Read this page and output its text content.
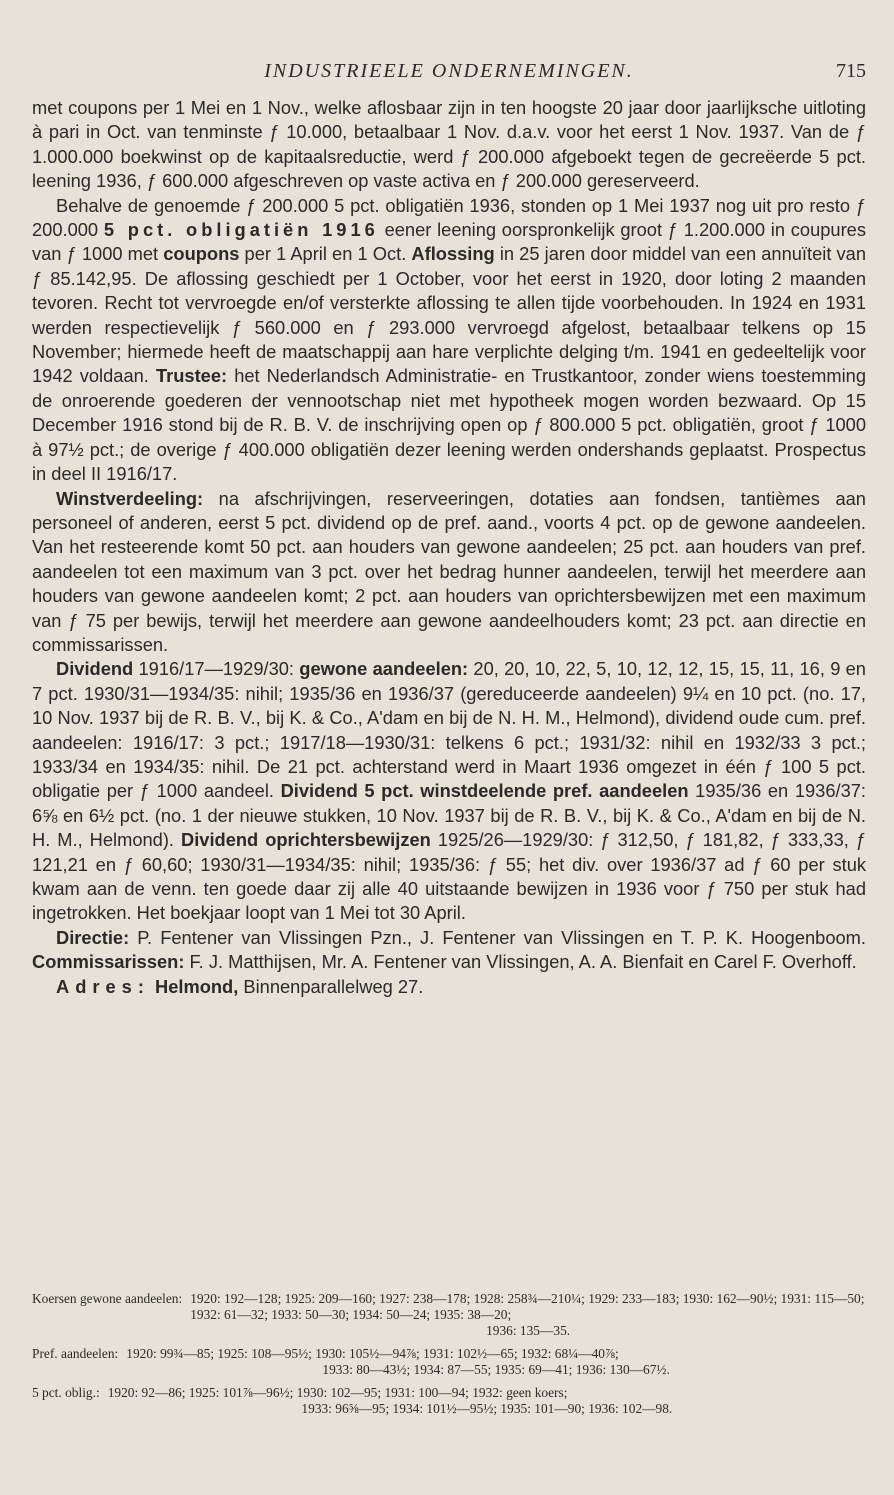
INDUSTRIEELE ONDERNEMINGEN.	715

met coupons per 1 Mei en 1 Nov., welke aflosbaar zijn in ten hoogste 20 jaar door jaarlijksche uitloting à pari in Oct. van tenminste ƒ 10.000, betaalbaar 1 Nov. d.a.v. voor het eerst 1 Nov. 1937. Van de ƒ 1.000.000 boekwinst op de kapitaalsreductie, werd ƒ 200.000 afgeboekt tegen de gecreëerde 5 pct. leening 1936, ƒ 600.000 afgeschreven op vaste activa en ƒ 200.000 gereserveerd.

Behalve de genoemde ƒ 200.000 5 pct. obligatiën 1936, stonden op 1 Mei 1937 nog uit pro resto ƒ 200.000 5 pct. obligatiën 1916 eener leening oorspronkelijk groot ƒ 1.200.000 in coupures van ƒ 1000 met coupons per 1 April en 1 Oct. Aflossing in 25 jaren door middel van een annuïteit van ƒ 85.142,95. De aflossing geschiedt per 1 October, voor het eerst in 1920, door loting 2 maanden tevoren. Recht tot vervroegde en/of versterkte aflossing te allen tijde voorbehouden. In 1924 en 1931 werden respectievelijk ƒ 560.000 en ƒ 293.000 vervroegd afgelost, betaalbaar telkens op 15 November; hiermede heeft de maatschappij aan hare verplichte delging t/m. 1941 en gedeeltelijk voor 1942 voldaan. Trustee: het Nederlandsch Administratie- en Trustkantoor, zonder wiens toestemming de onroerende goederen der vennootschap niet met hypotheek mogen worden bezwaard. Op 15 December 1916 stond bij de R. B. V. de inschrijving open op ƒ 800.000 5 pct. obligatiën, groot ƒ 1000 à 97½ pct.; de overige ƒ 400.000 obligatiën dezer leening werden ondershands geplaatst. Prospectus in deel II 1916/17.

Winstverdeeling: na afschrijvingen, reserveeringen, dotaties aan fondsen, tantièmes aan personeel of anderen, eerst 5 pct. dividend op de pref. aand., voorts 4 pct. op de gewone aandeelen. Van het resteerende komt 50 pct. aan houders van gewone aandeelen; 25 pct. aan houders van pref. aandeelen tot een maximum van 3 pct. over het bedrag hunner aandeelen, terwijl het meerdere aan houders van gewone aandeelen komt; 2 pct. aan houders van oprichtersbewijzen met een maximum van ƒ 75 per bewijs, terwijl het meerdere aan gewone aandeelhouders komt; 23 pct. aan directie en commissarissen.

Dividend 1916/17—1929/30: gewone aandeelen: 20, 20, 10, 22, 5, 10, 12, 12, 15, 15, 11, 16, 9 en 7 pct. 1930/31—1934/35: nihil; 1935/36 en 1936/37 (gereduceerde aandeelen) 9¼ en 10 pct. (no. 17, 10 Nov. 1937 bij de R. B. V., bij K. & Co., A'dam en bij de N. H. M., Helmond), dividend oude cum. pref. aandeelen: 1916/17: 3 pct.; 1917/18—1930/31: telkens 6 pct.; 1931/32: nihil en 1932/33 3 pct.; 1933/34 en 1934/35: nihil. De 21 pct. achterstand werd in Maart 1936 omgezet in één ƒ 100 5 pct. obligatie per ƒ 1000 aandeel. Dividend 5 pct. winstdeelende pref. aandeelen 1935/36 en 1936/37: 6⅝ en 6½ pct. (no. 1 der nieuwe stukken, 10 Nov. 1937 bij de R. B. V., bij K. & Co., A'dam en bij de N. H. M., Helmond). Dividend oprichtersbewijzen 1925/26—1929/30: ƒ 312,50, ƒ 181,82, ƒ 333,33, ƒ 121,21 en ƒ 60,60; 1930/31—1934/35: nihil; 1935/36: ƒ 55; het div. over 1936/37 ad ƒ 60 per stuk kwam aan de venn. ten goede daar zij alle 40 uitstaande bewijzen in 1936 voor ƒ 750 per stuk had ingetrokken. Het boekjaar loopt van 1 Mei tot 30 April.

Directie: P. Fentener van Vlissingen Pzn., J. Fentener van Vlissingen en T. P. K. Hoogenboom. Commissarissen: F. J. Matthijsen, Mr. A. Fentener van Vlissingen, A. A. Bienfait en Carel F. Overhoff.

Adres: Helmond, Binnenparallelweg 27.

Koersen gewone aandeelen: 1920: 192—128; 1925: 209—160; 1927: 238—178; 1928: 258¾—210¼; 1929: 233—183; 1930: 162—90½; 1931: 115—50; 1932: 61—32; 1933: 50—30; 1934: 50—24; 1935: 38—20;
1936: 135—35.
Pref. aandeelen: 1920: 99¾—85; 1925: 108—95½; 1930: 105½—94⅞; 1931: 102½—65; 1932: 68¼—40⅞;
1933: 80—43½; 1934: 87—55; 1935: 69—41; 1936: 130—67½.
5 pct. oblig.: 1920: 92—86; 1925: 101⅞—96½; 1930: 102—95; 1931: 100—94; 1932: geen koers;
1933: 96⅝—95; 1934: 101½—95½; 1935: 101—90; 1936: 102—98.
